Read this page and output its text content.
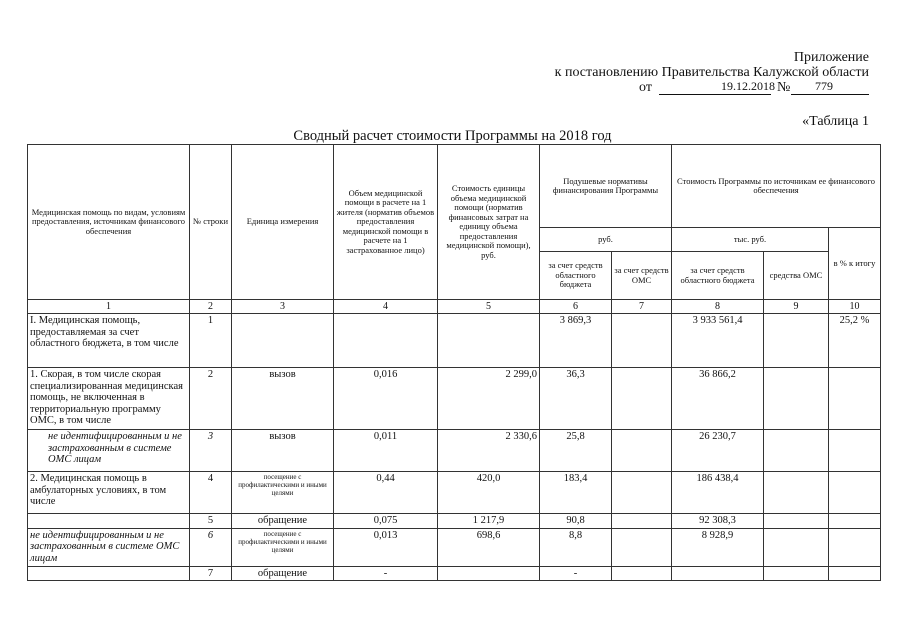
Приложение
к постановлению Правительства Калужской области
от	19.12.2018 № 779
«Таблица 1
Сводный расчет стоимости Программы на 2018 год
Медицинская помощь по видам, условиям предоставления, источникам финансового обеспечения	№ строки	Единица измерения	Объем медицинской помощи в расчете на 1 жителя (норматив объемов предоставления медицинской помощи в расчете на 1 застрахованное лицо)	Стоимость единицы объема медицинской помощи (норматив финансовых затрат на единицу объема предоставления медицинской помощи), руб.	Подушевые нормативы финансирования Программы		Стоимость Программы по источникам ее финансового обеспечения		
					руб.		тыс. руб.		в % к итогу
					за счет средств областного бюджета	за счет средств ОМС	за счет средств областного бюджета	средства ОМС	
1	2	3	4	5	6	7	8	9	10
I. Медицинская помощь, предоставляемая за счет областного бюджета, в том числе	1				3 869,3		3 933 561,4		25,2 %
1. Скорая, в том числе скорая специализированная медицинская помощь, не включенная в территориальную программу ОМС, в том числе	2	вызов	0,016	2 299,0	36,3		36 866,2		
не идентифицированным и не застрахованным в системе ОМС лицам	3	вызов	0,011	2 330,6	25,8		26 230,7		
2. Медицинская помощь в амбулаторных условиях, в том числе	4	посещение с профилактическими и иными целями	0,44	420,0	183,4		186 438,4		
	5	обращение	0,075	1 217,9	90,8		92 308,3		
не идентифицированным и не застрахованным в системе ОМС лицам	6	посещение с профилактическими и иными целями	0,013	698,6	8,8		8 928,9		
	7	обращение	-		-				
